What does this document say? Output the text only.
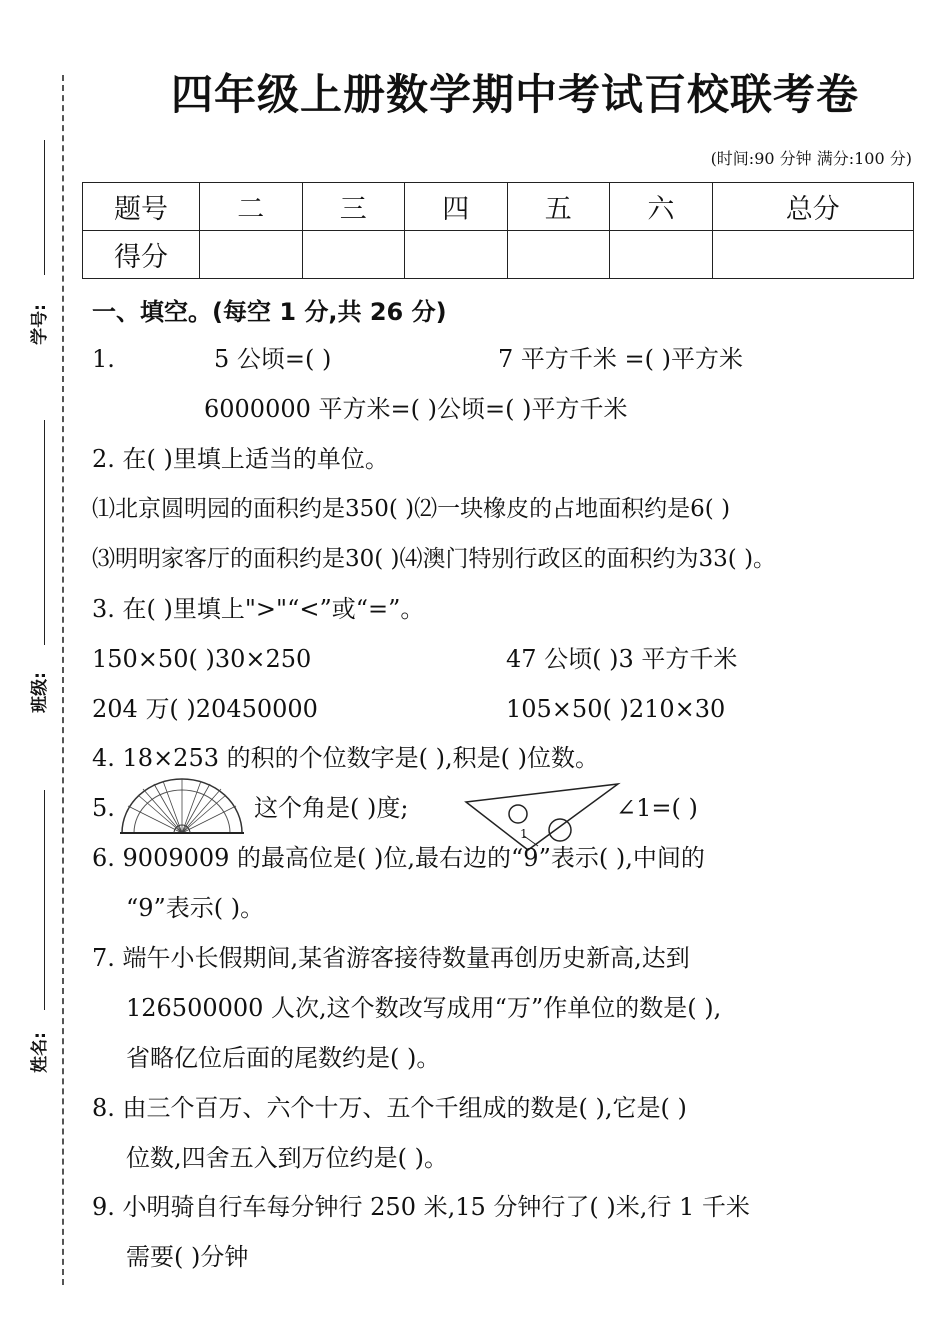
学号:
班级:
姓名:
四年级上册数学期中考试百校联考卷
(时间:90 分钟 满分:100 分)
题号	二	三	四	五	六	总分
得分						
一、填空。(每空 1 分,共 26 分)
1.	5 公顷=( )	7 平方千米 =( )平方米
6000000 平方米=( )公顷=( )平方千米
2. 在( )里填上适当的单位。
⑴北京圆明园的面积约是350( )⑵一块橡皮的占地面积约是6( )
⑶明明家客厅的面积约是30( )⑷澳门特别行政区的面积约为33( )。
3. 在( )里填上">"“<”或“=”。
150×50( )30×250	47 公顷( )3 平方千米
204 万( )20450000	105×50( )210×30
4. 18×253 的积的个位数字是( ),积是( )位数。
5.	这个角是( )度;
1
∠1=( )
6. 9009009 的最高位是( )位,最右边的“9”表示( ),中间的
“9”表示( )。
7. 端午小长假期间,某省游客接待数量再创历史新高,达到
126500000 人次,这个数改写成用“万”作单位的数是( ),
省略亿位后面的尾数约是( )。
8. 由三个百万、六个十万、五个千组成的数是( ),它是( )
位数,四舍五入到万位约是( )。
9. 小明骑自行车每分钟行 250 米,15 分钟行了( )米,行 1 千米
需要( )分钟
